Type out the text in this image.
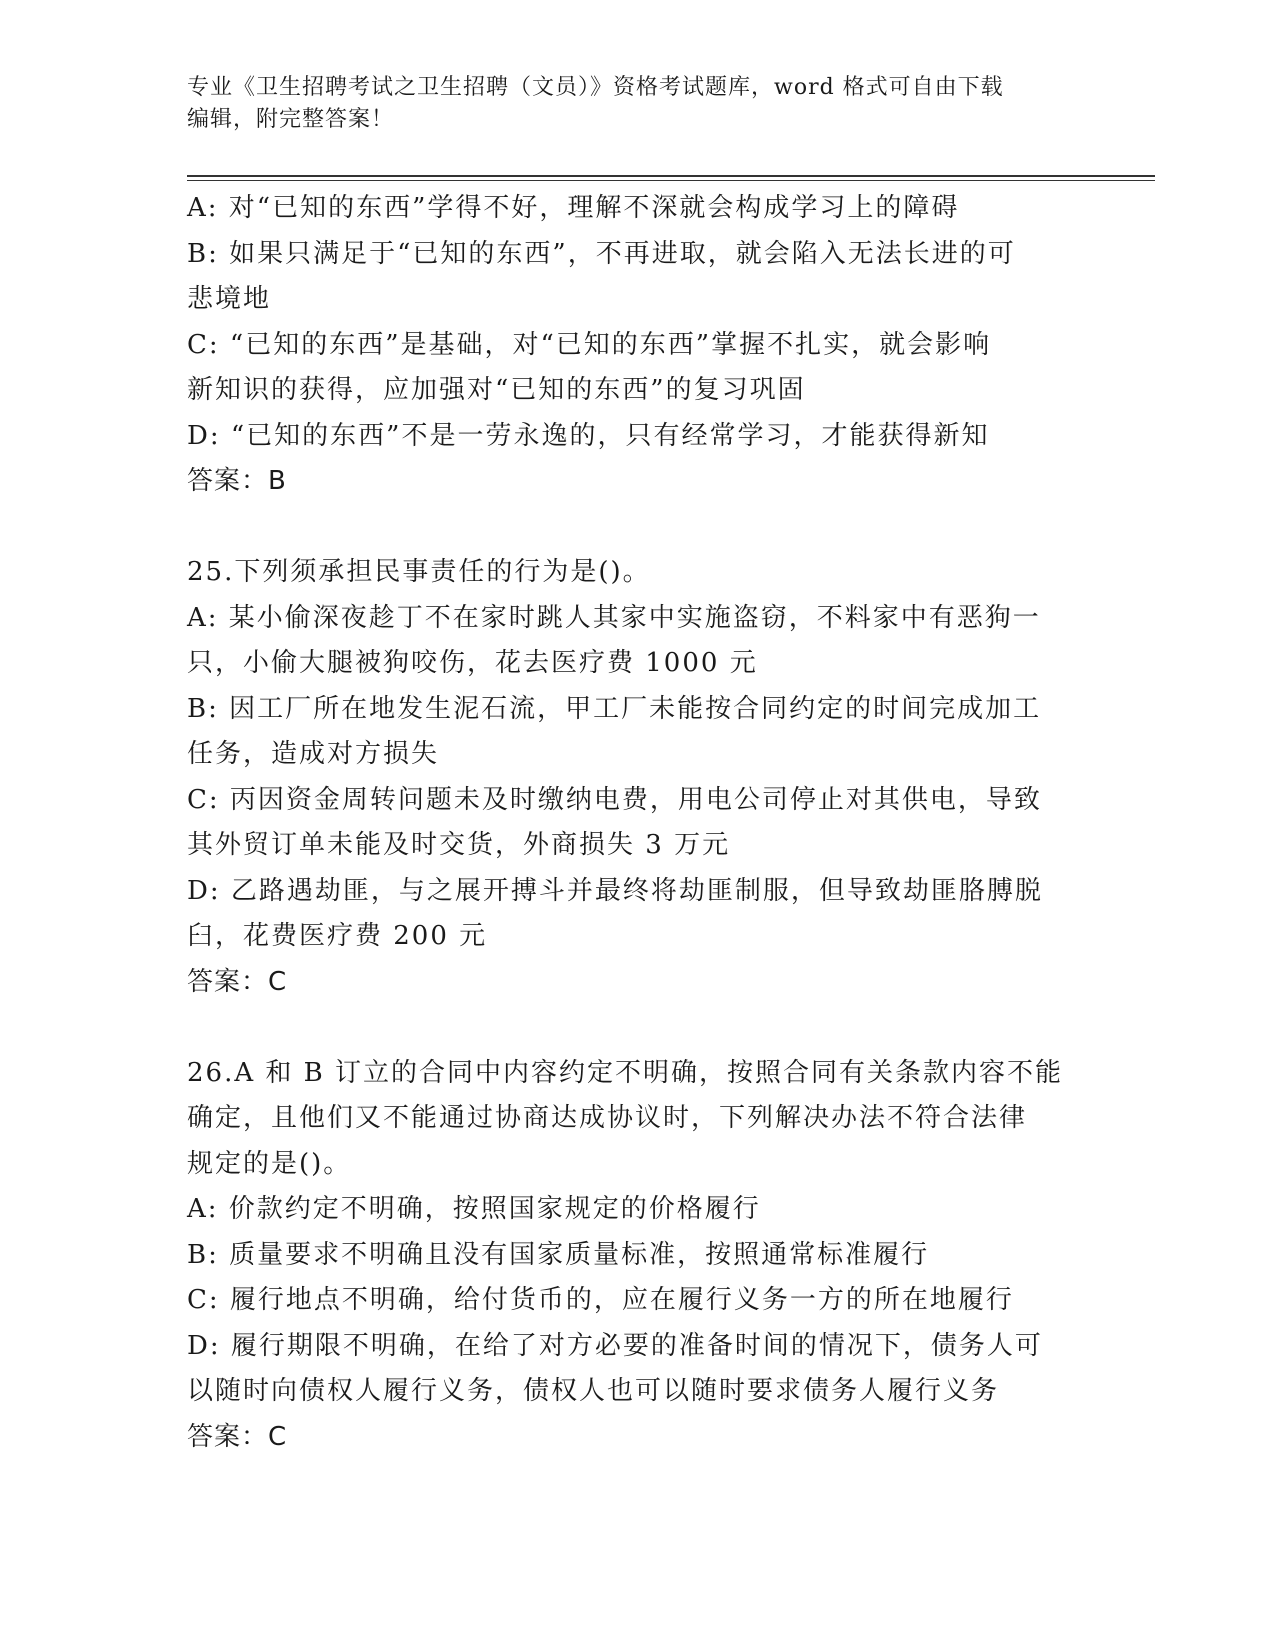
专业《卫生招聘考试之卫生招聘（文员）》资格考试题库，word 格式可自由下载
编辑，附完整答案！
A: 对“已知的东西”学得不好，理解不深就会构成学习上的障碍
B: 如果只满足于“已知的东西”，不再进取，就会陷入无法长进的可
悲境地
C: “已知的东西”是基础，对“已知的东西”掌握不扎实，就会影响
新知识的获得，应加强对“已知的东西”的复习巩固
D: “已知的东西”不是一劳永逸的，只有经常学习，才能获得新知
答案：B
25.下列须承担民事责任的行为是()。
A: 某小偷深夜趁丁不在家时跳人其家中实施盗窃，不料家中有恶狗一
只，小偷大腿被狗咬伤，花去医疗费 1000 元
B: 因工厂所在地发生泥石流，甲工厂未能按合同约定的时间完成加工
任务，造成对方损失
C: 丙因资金周转问题未及时缴纳电费，用电公司停止对其供电，导致
其外贸订单未能及时交货，外商损失 3 万元
D: 乙路遇劫匪，与之展开搏斗并最终将劫匪制服，但导致劫匪胳膊脱
臼，花费医疗费 200 元
答案：C
26.A 和 B 订立的合同中内容约定不明确，按照合同有关条款内容不能
确定，且他们又不能通过协商达成协议时，下列解决办法不符合法律
规定的是()。
A: 价款约定不明确，按照国家规定的价格履行
B: 质量要求不明确且没有国家质量标准，按照通常标准履行
C: 履行地点不明确，给付货币的，应在履行义务一方的所在地履行
D: 履行期限不明确，在给了对方必要的准备时间的情况下，债务人可
以随时向债权人履行义务，债权人也可以随时要求债务人履行义务
答案：C
